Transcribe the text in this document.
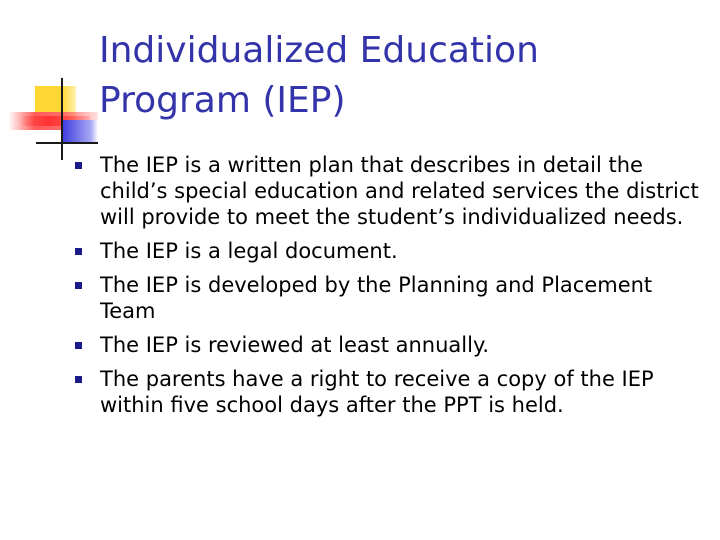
Individualized Education
Program (IEP)
The IEP is a written plan that describes in detail the child’s special education and related services the district will provide to meet the student’s individualized needs.
The IEP is a legal document.
The IEP is developed by the Planning and Placement Team
The IEP is reviewed at least annually.
The parents have a right to receive a copy of the IEP within five school days after the PPT is held.
